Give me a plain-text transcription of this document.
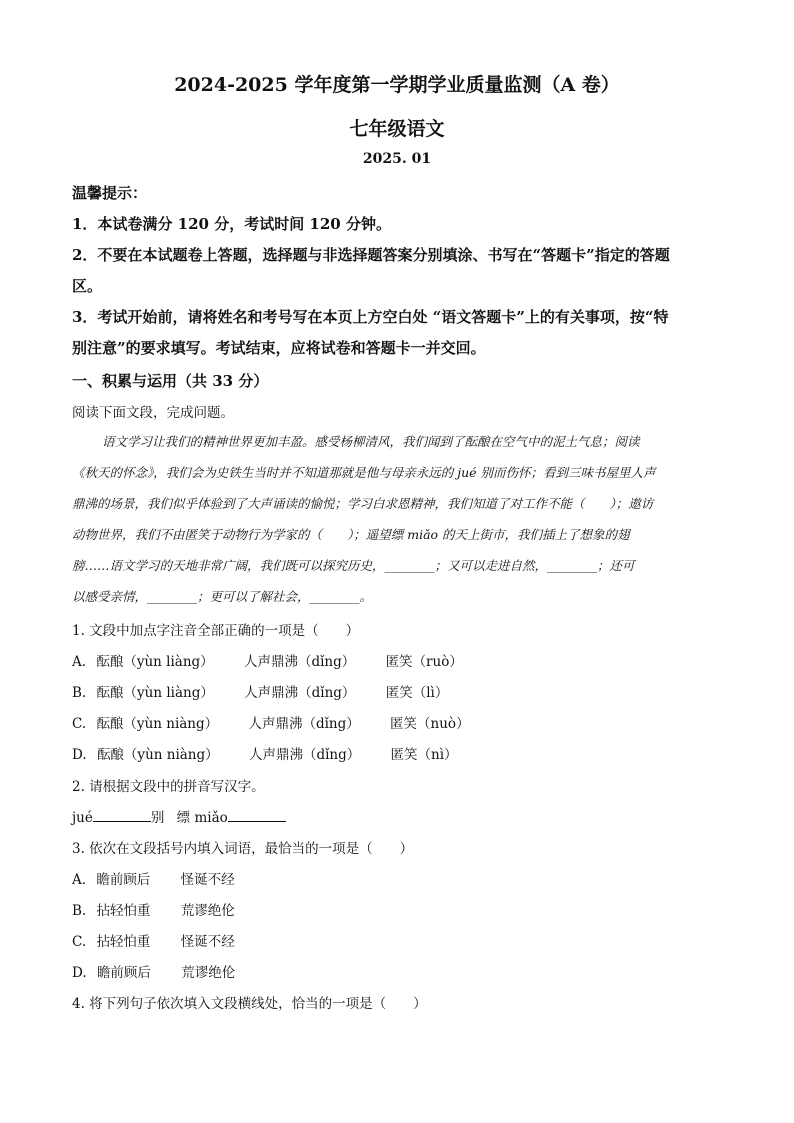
2024-2025 学年度第一学期学业质量监测（A 卷）
七年级语文
2025. 01
温馨提示：
1．本试卷满分 120 分，考试时间 120 分钟。
2．不要在本试题卷上答题，选择题与非选择题答案分别填涂、书写在“答题卡”指定的答题
区。
3．考试开始前，请将姓名和考号写在本页上方空白处 “语文答题卡”上的有关事项，按“特
别注意”的要求填写。考试结束，应将试卷和答题卡一并交回。
一、积累与运用（共 33 分）
阅读下面文段，完成问题。
语文学习让我们的精神世界更加丰盈。感受杨柳清风，我们闻到了酝酿在空气中的泥土气息；阅读
《秋天的怀念》，我们会为史铁生当时并不知道那就是他与母亲永远的 jué 别而伤怀；看到三味书屋里人声
鼎沸的场景，我们似乎体验到了大声诵读的愉悦；学习白求恩精神，我们知道了对工作不能（　　）；遨访
动物世界，我们不由匿笑于动物行为学家的（　　）；遥望缥 miǎo 的天上街市，我们插上了想象的翅
膀……语文学习的天地非常广阔，我们既可以探究历史，________；又可以走进自然，________；还可
以感受亲情，________；更可以了解社会，________。
1. 文段中加点字注音全部正确的一项是（　　）
A. 酝酿（yùn liàng） 人声鼎沸（dǐng） 匿笑（ruò）
B. 酝酿（yùn liàng） 人声鼎沸（dǐng） 匿笑（lì）
C. 酝酿（yùn niàng） 人声鼎沸（dǐng） 匿笑（nuò）
D. 酝酿（yùn niàng） 人声鼎沸（dǐng） 匿笑（nì）
2. 请根据文段中的拼音写汉字。
jué	别 缥 miǎo
3. 依次在文段括号内填入词语，最恰当的一项是（　　）
A. 瞻前顾后 怪诞不经
B. 拈轻怕重 荒谬绝伦
C. 拈轻怕重 怪诞不经
D. 瞻前顾后 荒谬绝伦
4. 将下列句子依次填入文段横线处，恰当的一项是（　　）
